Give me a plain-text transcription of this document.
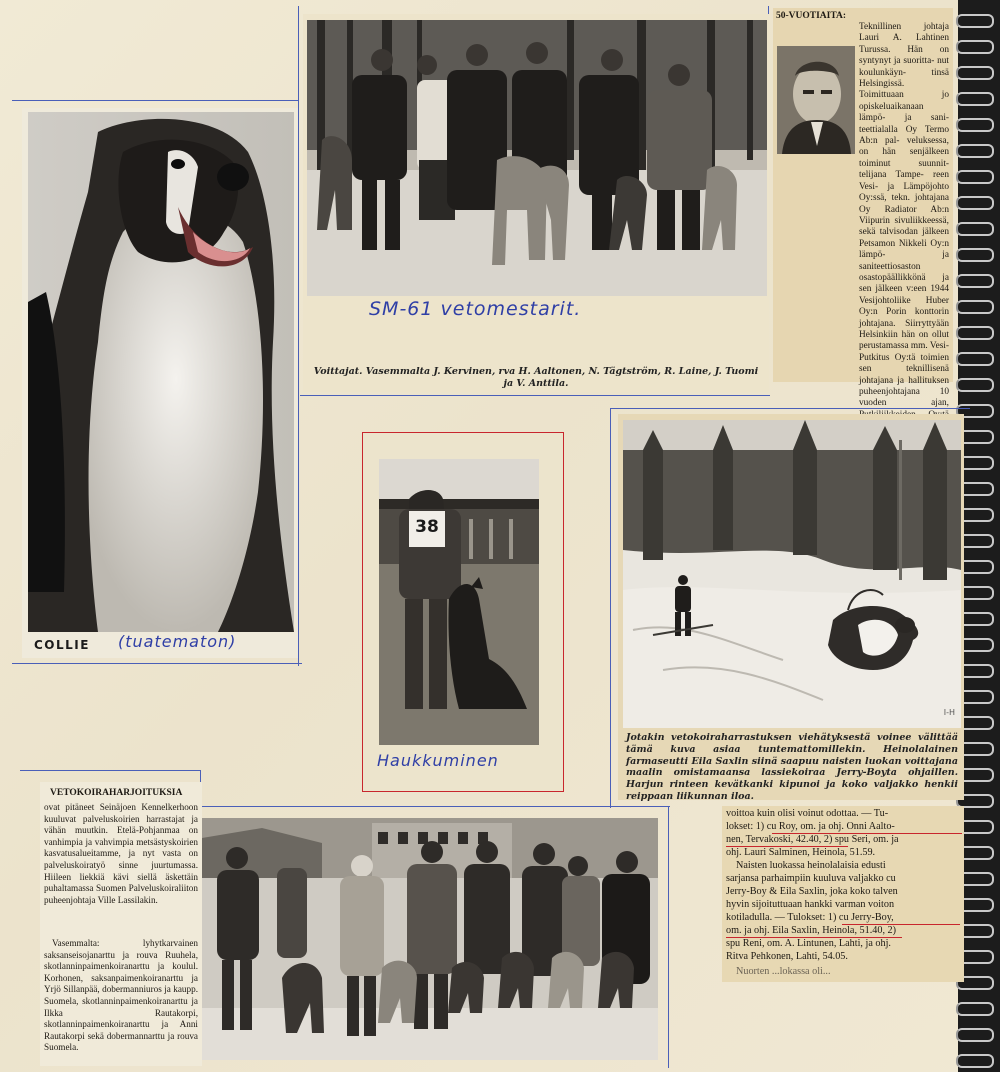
COLLIE (tuatematon)
SM-61 vetomestarit.
Voittajat. Vasemmalta J. Kervinen, rva H. Aaltonen, N. Tägtström, R. Laine, J. Tuomi ja V. Anttila.
50-VUOTIAITA:
Teknillinen johtaja Lauri A. Lahtinen Turussa. Hän on syntynyt ja suoritta- nut koulunkäyn- tinsä Helsingissä. Toimittuaan jo opiskeluaikanaan lämpö- ja sani- teettialalla Oy Termo Ab:n pal- veluksessa, on hän senjälkeen toiminut suunnit- telijana Tampe- reen Vesi- ja Lämpöjohto Oy:ssä, tekn. johtajana Oy Radiator Ab:n Viipurin sivuliikkeessä, sekä talvisodan jälkeen Petsamon Nikkeli Oy:n lämpö- ja saniteettiosaston osastopäällikkönä ja sen jälkeen v:een 1944 Vesijohtoliike Huber Oy:n Porin konttorin johtajana. Siirryttyään Helsinkiin hän on ollut perustamassa mm. Vesi-Putkitus Oy:tä toimien sen teknillisenä johtajana ja hallituksen puheenjohtajana 10 vuoden ajan,
38
Haukkuminen
I-H
Jotakin vetokoiraharrastuksen viehätyksestä voinee välittää tämä kuva asiaa tuntemattomillekin. Heinolalainen farmaseutti Eila Saxlin siinä saapuu naisten luokan voittajana maalin omistamaansa lassiekoiraa Jerry-Boyta ohjaillen. Harjun rinteen kevätkanki kipunoi ja koko valjakko henkii reippaan liikunnan iloa.
VETOKOIRAHARJOITUKSIA
ovat pitäneet Seinäjoen Kennelkerhoon kuuluvat palveluskoirien harrastajat ja vähän muutkin. Etelä-Pohjanmaa on vanhimpia ja vahvimpia metsästyskoirien kasvatusalueitamme, ja nyt vasta on palveluskoiratyö sinne juurtumassa. Hiileen liekkiä kävi siellä äskettäin puhaltamassa Suomen Palveluskoiraliiton puheenjohtaja Ville Lassilakin.
Vasemmalta: lyhytkarvainen saksanseisojanarttu ja rouva Ruuhela, skotlanninpaimenkoiranarttu ja koulul. Korhonen, saksanpaimenkoiranarttu ja Yrjö Sillanpää, dobermanniuros ja kaupp. Suomela, skotlanninpaimenkoiranarttu ja Ilkka Rautakorpi, skotlanninpaimenkoiranarttu ja Anni Rautakorpi sekä dobermannarttu ja rouva Suomela.
voittoa kuin olisi voinut odottaa. — Tu-
lokset: 1) cu Roy, om. ja ohj. Onni Aalto-
nen, Tervakoski, 42.40, 2) spu Seri, om. ja
ohj. Lauri Salminen, Heinola, 51.59.
Naisten luokassa heinolalaisia edusti
sarjansa parhaimpiin kuuluva valjakko cu
Jerry-Boy & Eila Saxlin, joka koko talven
hyvin sijoituttuaan hankki varman voiton
kotiladulla. — Tulokset: 1) cu Jerry-Boy,
om. ja ohj. Eila Saxlin, Heinola, 51.40, 2)
spu Reni, om. A. Lintunen, Lahti, ja ohj.
Ritva Pehkonen, Lahti, 54.05.
Nuorten ...lokassa oli...
